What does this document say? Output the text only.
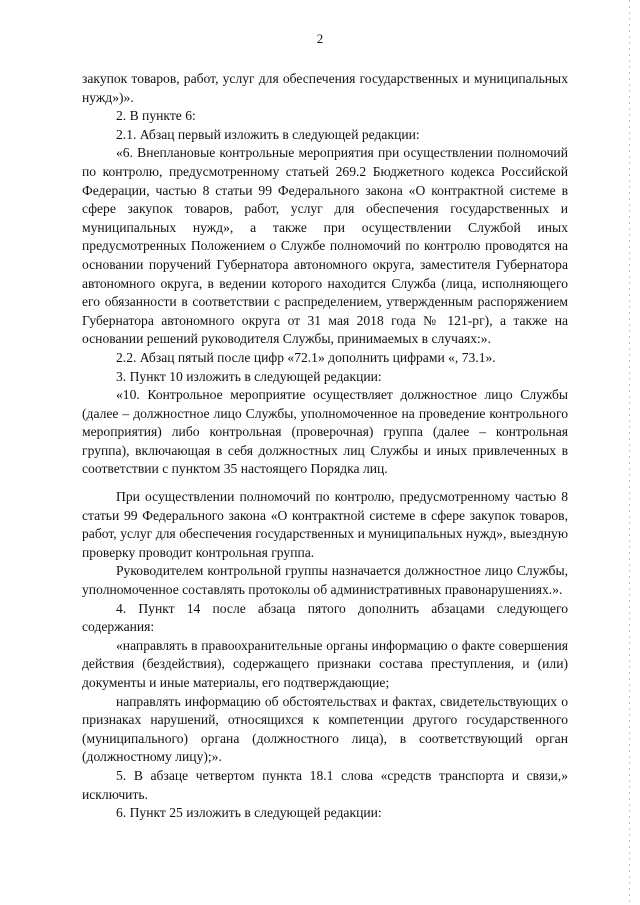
2

закупок товаров, работ, услуг для обеспечения государственных и муниципальных нужд»)».

2. В пункте 6:

2.1. Абзац первый изложить в следующей редакции:

«6. Внеплановые контрольные мероприятия при осуществлении полномочий по контролю, предусмотренному статьей 269.2 Бюджетного кодекса Российской Федерации, частью 8 статьи 99 Федерального закона «О контрактной системе в сфере закупок товаров, работ, услуг для обеспечения государственных и муниципальных нужд», а также при осуществлении Службой иных предусмотренных Положением о Службе полномочий по контролю проводятся на основании поручений Губернатора автономного округа, заместителя Губернатора автономного округа, в ведении которого находится Служба (лица, исполняющего его обязанности в соответствии с распределением, утвержденным распоряжением Губернатора автономного округа от 31 мая 2018 года № 121-рг), а также на основании решений руководителя Службы, принимаемых в случаях:».

2.2. Абзац пятый после цифр «72.1» дополнить цифрами «, 73.1».

3. Пункт 10 изложить в следующей редакции:

«10. Контрольное мероприятие осуществляет должностное лицо Службы (далее – должностное лицо Службы, уполномоченное на проведение контрольного мероприятия) либо контрольная (проверочная) группа (далее – контрольная группа), включающая в себя должностных лиц Службы и иных привлеченных в соответствии с пунктом 35 настоящего Порядка лиц.

При осуществлении полномочий по контролю, предусмотренному частью 8 статьи 99 Федерального закона «О контрактной системе в сфере закупок товаров, работ, услуг для обеспечения государственных и муниципальных нужд», выездную проверку проводит контрольная группа.

Руководителем контрольной группы назначается должностное лицо Службы, уполномоченное составлять протоколы об административных правонарушениях.».

4. Пункт 14 после абзаца пятого дополнить абзацами следующего содержания:

«направлять в правоохранительные органы информацию о факте совершения действия (бездействия), содержащего признаки состава преступления, и (или) документы и иные материалы, его подтверждающие;

направлять информацию об обстоятельствах и фактах, свидетельствующих о признаках нарушений, относящихся к компетенции другого государственного (муниципального) органа (должностного лица), в соответствующий орган (должностному лицу);».

5. В абзаце четвертом пункта 18.1 слова «средств транспорта и связи,» исключить.

6. Пункт 25 изложить в следующей редакции:
